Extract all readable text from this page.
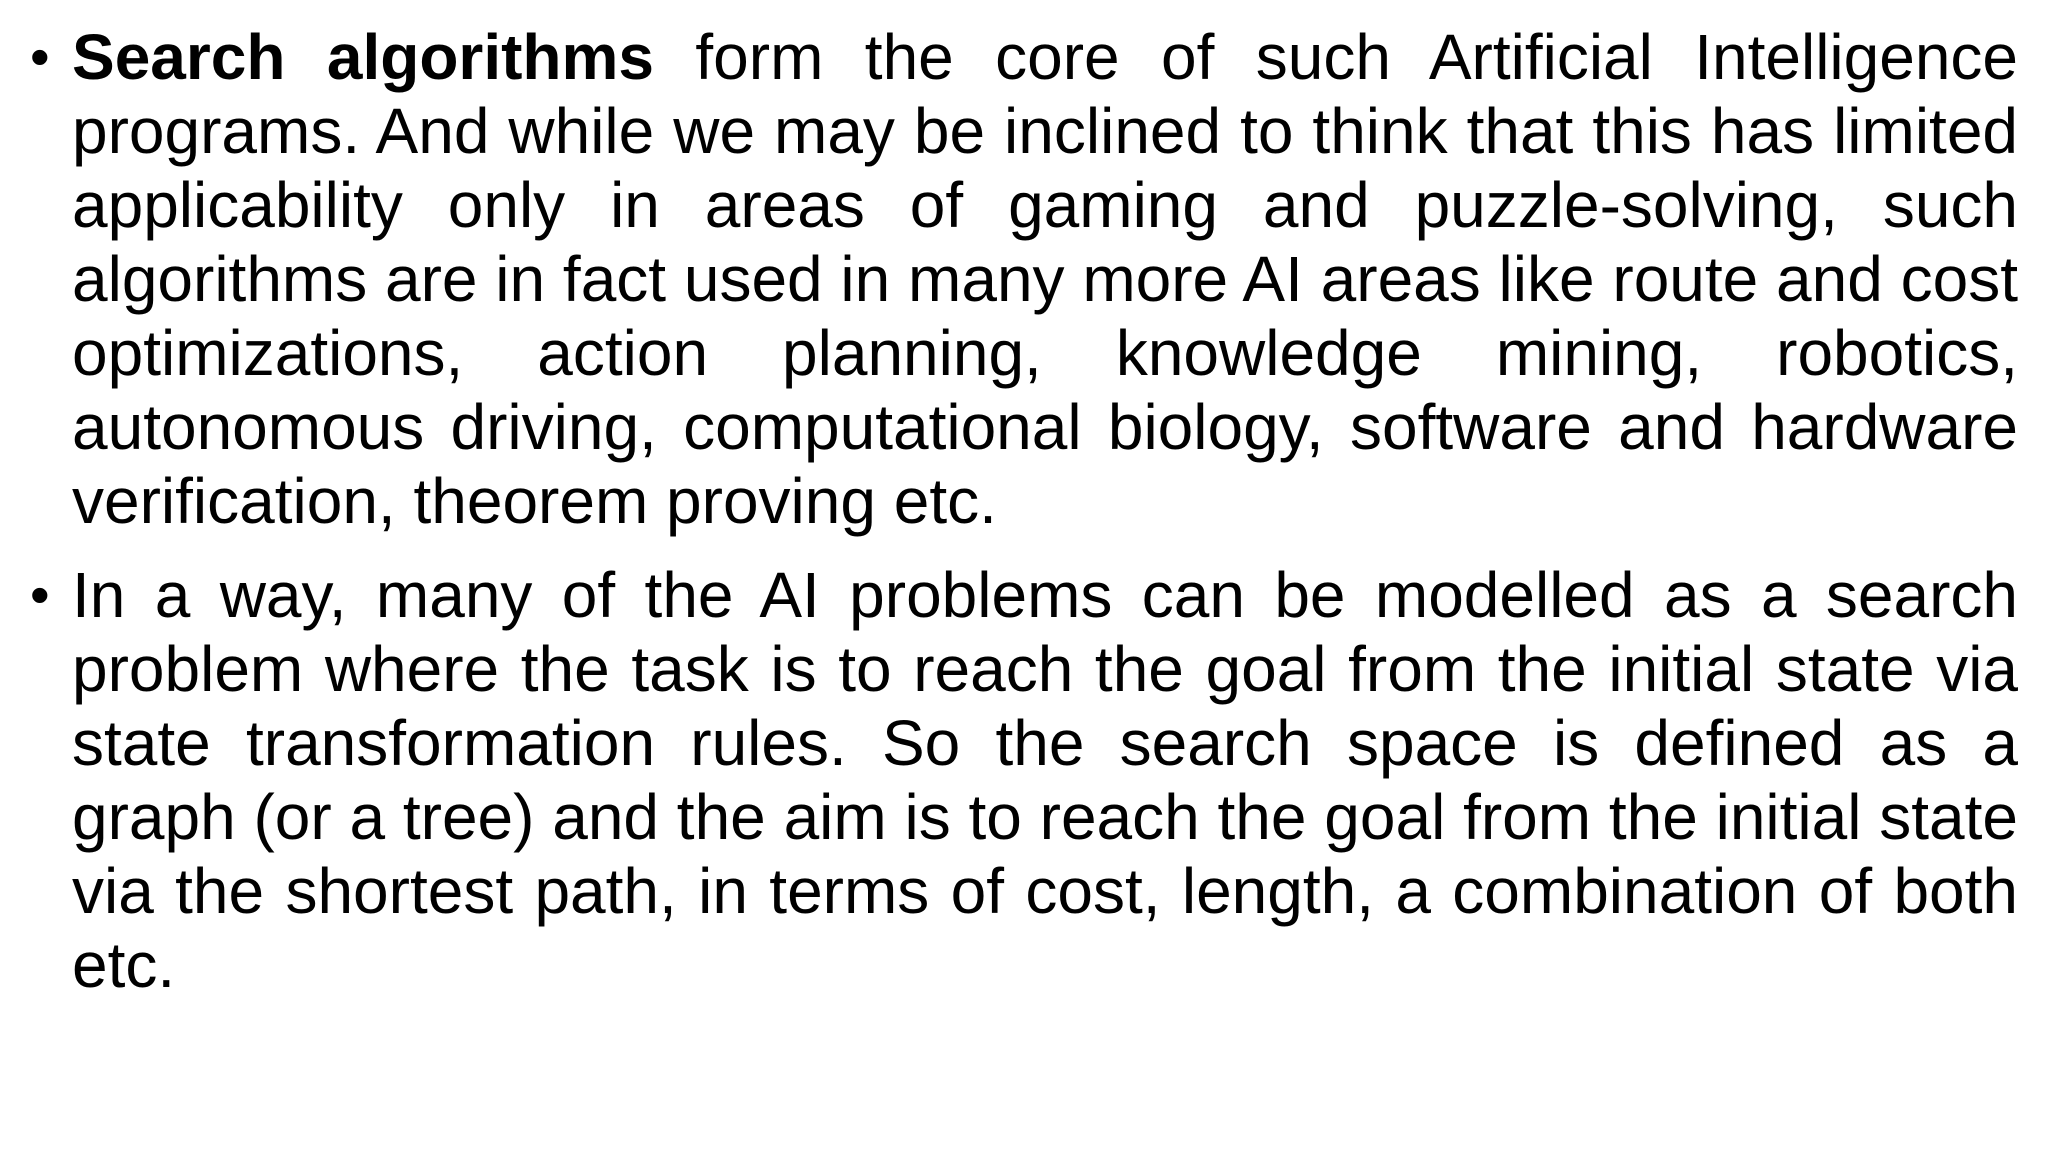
• Search algorithms form the core of such Artificial Intelligence programs. And while we may be inclined to think that this has limited applicability only in areas of gaming and puzzle-solving, such algorithms are in fact used in many more AI areas like route and cost optimizations, action planning, knowledge mining, robotics, autonomous driving, computational biology, software and hardware verification, theorem proving etc.
• In a way, many of the AI problems can be modelled as a search problem where the task is to reach the goal from the initial state via state transformation rules. So the search space is defined as a graph (or a tree) and the aim is to reach the goal from the initial state via the shortest path, in terms of cost, length, a combination of both etc.
